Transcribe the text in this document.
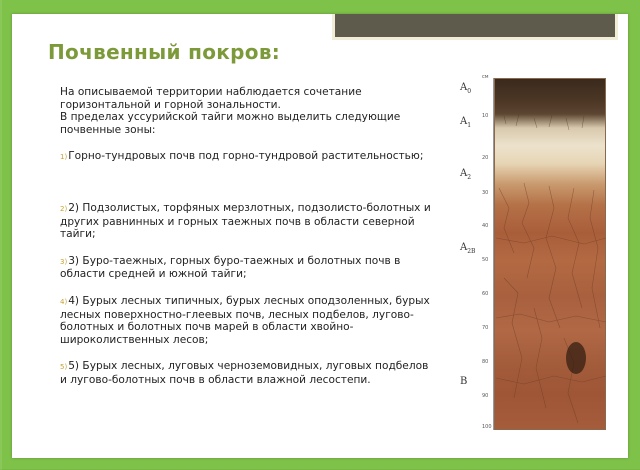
Почвенный покров:

На описываемой территории наблюдается сочетание горизонтальной и горной зональности.

В пределах уссурийской тайги можно выделить следующие почвенные зоны:

1)Горно-тундровых почв под горно-тундровой растительностью;
2)2) Подзолистых, торфяных мерзлотных, подзолисто-болотных и других равнинных и горных таежных почв в области северной тайги;
3)3) Буро-таежных, горных буро-таежных и болотных почв в области средней и южной тайги;
4)4) Бурых лесных типичных, бурых лесных оподзоленных, бурых лесных поверхностно-глеевых почв, лесных подбелов, лугово-болотных и болотных почв марей в области хвойно-широколиственных лесов;
5)5) Бурых лесных, луговых черноземовидных, луговых подбелов и лугово-болотных почв в области влажной лесостепи.
см
10
20
30
40
50
60
70
80
90
100
$A_0$
$A_1$
$A_2$
$A_{2B}$
B
